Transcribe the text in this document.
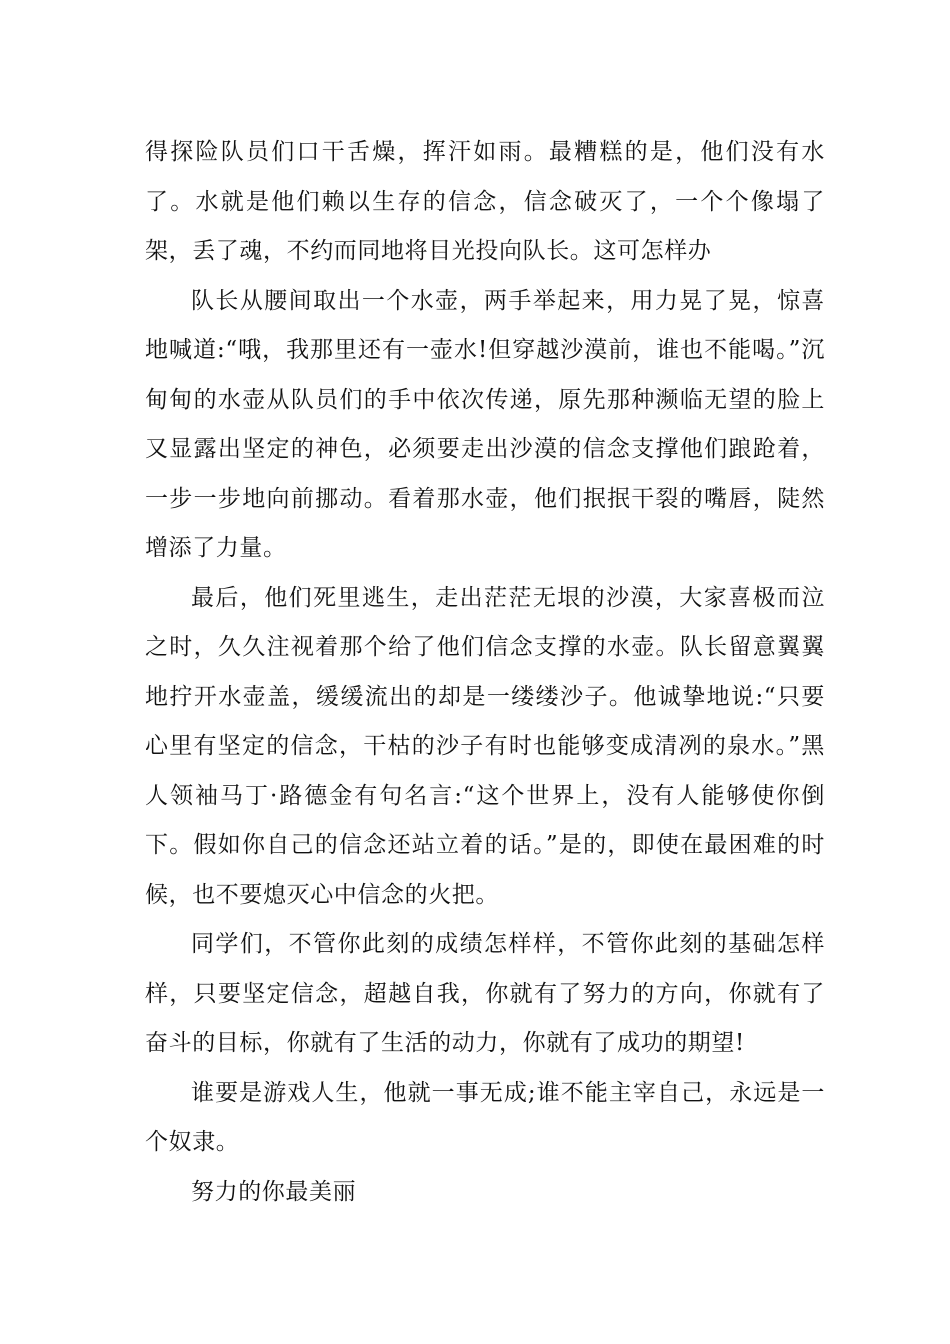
得探险队员们口干舌燥，挥汗如雨。最糟糕的是，他们没有水了。水就是他们赖以生存的信念，信念破灭了，一个个像塌了架，丢了魂，不约而同地将目光投向队长。这可怎样办

队长从腰间取出一个水壶，两手举起来，用力晃了晃，惊喜地喊道:“哦，我那里还有一壶水!但穿越沙漠前，谁也不能喝。”沉甸甸的水壶从队员们的手中依次传递，原先那种濒临无望的脸上又显露出坚定的神色，必须要走出沙漠的信念支撑他们踉跄着，一步一步地向前挪动。看着那水壶，他们抿抿干裂的嘴唇，陡然增添了力量。

最后，他们死里逃生，走出茫茫无垠的沙漠，大家喜极而泣之时，久久注视着那个给了他们信念支撑的水壶。队长留意翼翼地拧开水壶盖，缓缓流出的却是一缕缕沙子。他诚挚地说:“只要心里有坚定的信念，干枯的沙子有时也能够变成清冽的泉水。”黑人领袖马丁·路德金有句名言:“这个世界上，没有人能够使你倒下。假如你自己的信念还站立着的话。”是的，即使在最困难的时候，也不要熄灭心中信念的火把。

同学们，不管你此刻的成绩怎样样，不管你此刻的基础怎样样，只要坚定信念，超越自我，你就有了努力的方向，你就有了奋斗的目标，你就有了生活的动力，你就有了成功的期望!

谁要是游戏人生，他就一事无成;谁不能主宰自己，永远是一个奴隶。

努力的你最美丽
